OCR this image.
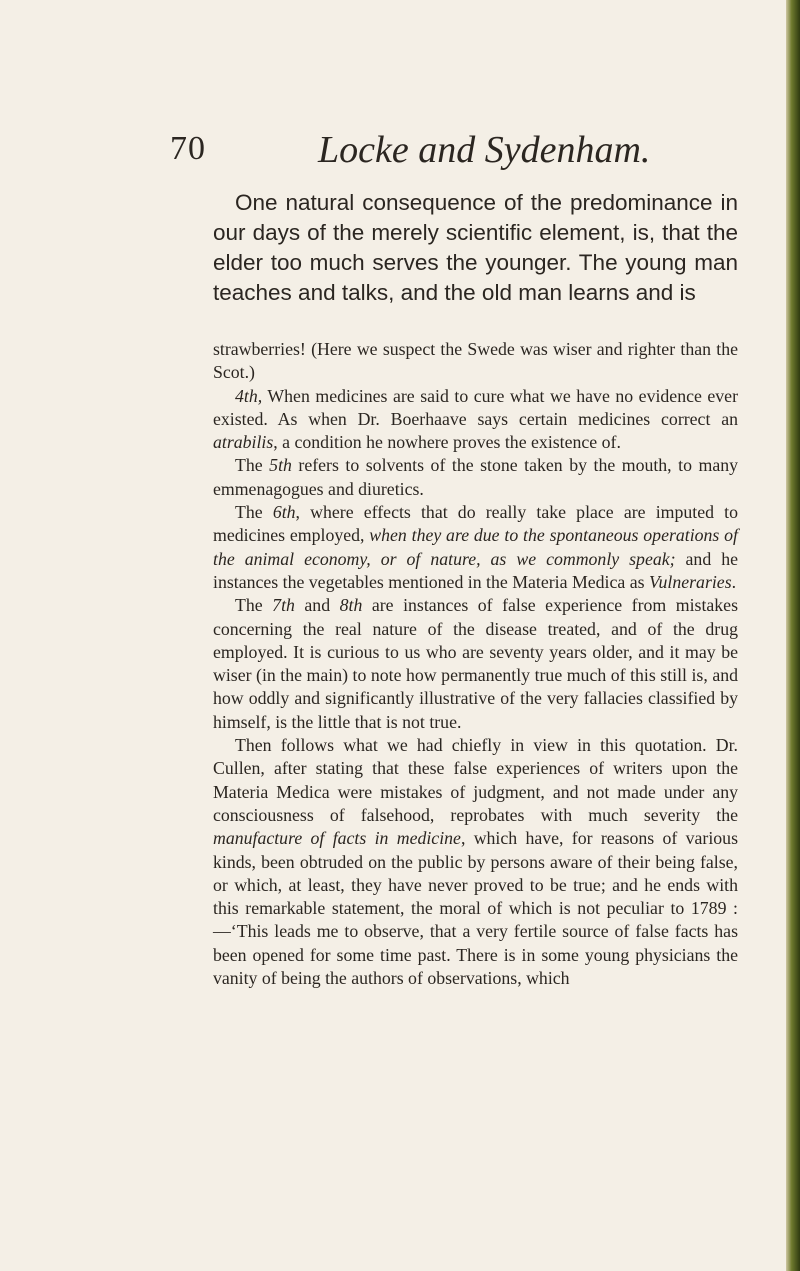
70	Locke and Sydenham.

One natural consequence of the predominance in our days of the merely scientific element, is, that the elder too much serves the younger. The young man teaches and talks, and the old man learns and is

strawberries! (Here we suspect the Swede was wiser and righter than the Scot.)

4th, When medicines are said to cure what we have no evidence ever existed. As when Dr. Boerhaave says certain medicines correct an atrabilis, a condition he nowhere proves the existence of.

The 5th refers to solvents of the stone taken by the mouth, to many emmenagogues and diuretics.

The 6th, where effects that do really take place are imputed to medicines employed, when they are due to the spontaneous operations of the animal economy, or of nature, as we commonly speak; and he instances the vegetables mentioned in the Materia Medica as Vulneraries.

The 7th and 8th are instances of false experience from mistakes concerning the real nature of the disease treated, and of the drug employed. It is curious to us who are seventy years older, and it may be wiser (in the main) to note how permanently true much of this still is, and how oddly and significantly illustrative of the very fallacies classified by himself, is the little that is not true.

Then follows what we had chiefly in view in this quotation. Dr. Cullen, after stating that these false experiences of writers upon the Materia Medica were mistakes of judgment, and not made under any consciousness of falsehood, reprobates with much severity the manufacture of facts in medicine, which have, for reasons of various kinds, been obtruded on the public by persons aware of their being false, or which, at least, they have never proved to be true; and he ends with this remarkable statement, the moral of which is not peculiar to 1789 :—‘This leads me to observe, that a very fertile source of false facts has been opened for some time past. There is in some young physicians the vanity of being the authors of observations, which
